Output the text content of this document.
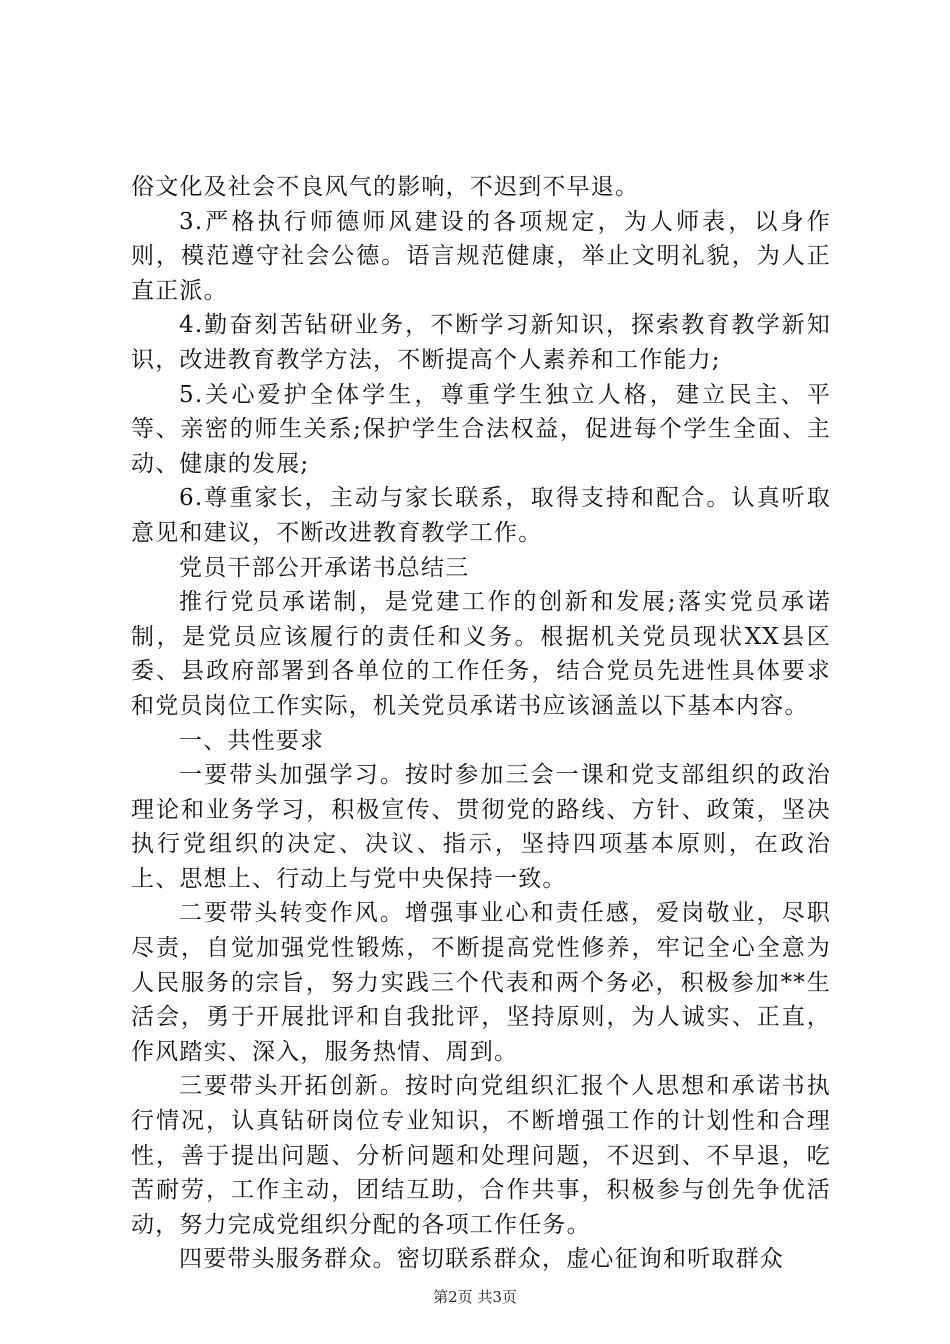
俗文化及社会不良风气的影响，不迟到不早退。

3.严格执行师德师风建设的各项规定，为人师表，以身作则，模范遵守社会公德。语言规范健康，举止文明礼貌，为人正直正派。

4.勤奋刻苦钻研业务，不断学习新知识，探索教育教学新知识，改进教育教学方法，不断提高个人素养和工作能力;

5.关心爱护全体学生，尊重学生独立人格，建立民主、平等、亲密的师生关系;保护学生合法权益，促进每个学生全面、主动、健康的发展;

6.尊重家长，主动与家长联系，取得支持和配合。认真听取意见和建议，不断改进教育教学工作。

党员干部公开承诺书总结三

推行党员承诺制，是党建工作的创新和发展;落实党员承诺制，是党员应该履行的责任和义务。根据机关党员现状XX县区委、县政府部署到各单位的工作任务，结合党员先进性具体要求和党员岗位工作实际，机关党员承诺书应该涵盖以下基本内容。

一、共性要求

一要带头加强学习。按时参加三会一课和党支部组织的政治理论和业务学习，积极宣传、贯彻党的路线、方针、政策，坚决执行党组织的决定、决议、指示，坚持四项基本原则，在政治上、思想上、行动上与党中央保持一致。

二要带头转变作风。增强事业心和责任感，爱岗敬业，尽职尽责，自觉加强党性锻炼，不断提高党性修养，牢记全心全意为人民服务的宗旨，努力实践三个代表和两个务必，积极参加**生活会，勇于开展批评和自我批评，坚持原则，为人诚实、正直，作风踏实、深入，服务热情、周到。

三要带头开拓创新。按时向党组织汇报个人思想和承诺书执行情况，认真钻研岗位专业知识，不断增强工作的计划性和合理性，善于提出问题、分析问题和处理问题，不迟到、不早退，吃苦耐劳，工作主动，团结互助，合作共事，积极参与创先争优活动，努力完成党组织分配的各项工作任务。

四要带头服务群众。密切联系群众，虚心征询和听取群众

第2页 共3页
